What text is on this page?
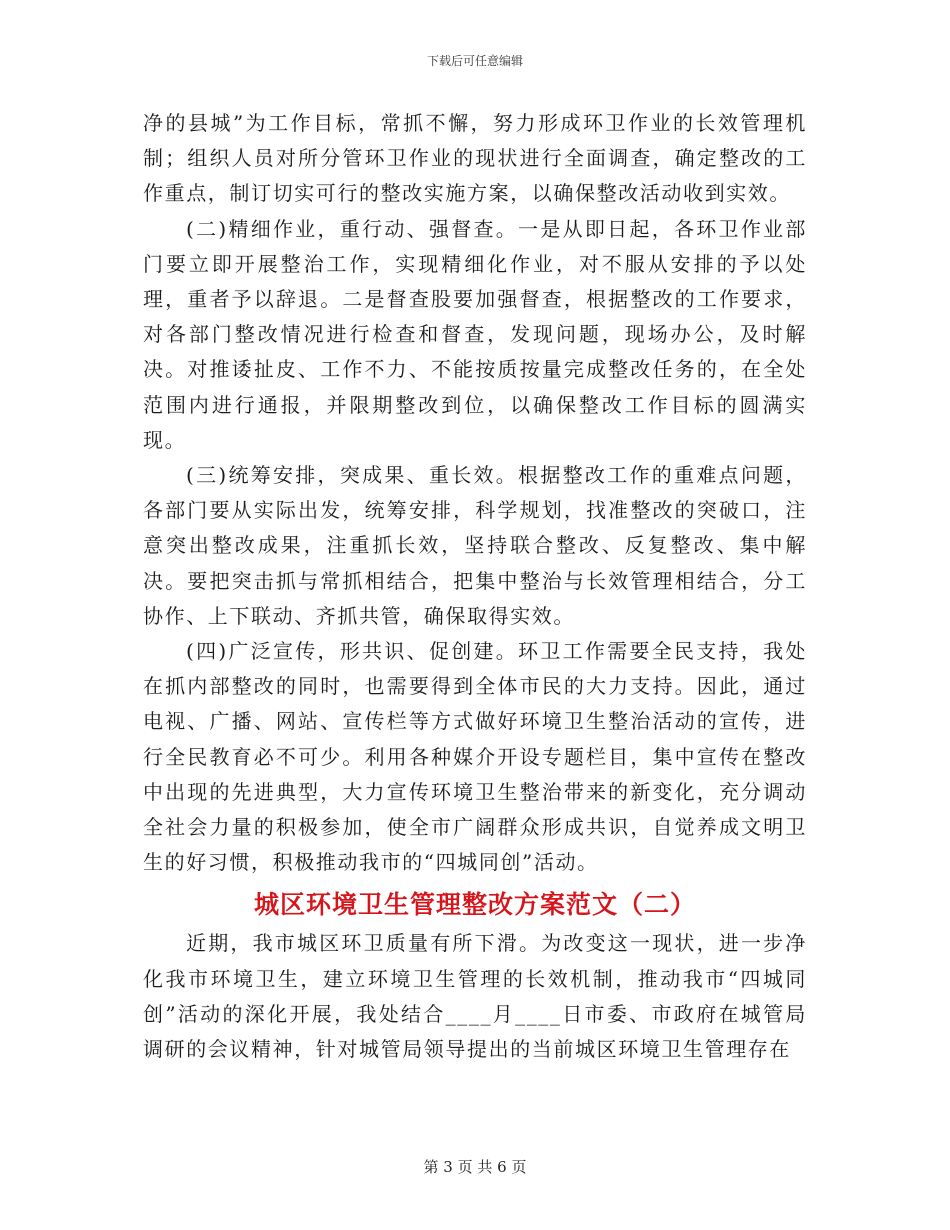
下载后可任意编辑

净的县城”为工作目标，常抓不懈，努力形成环卫作业的长效管理机制；组织人员对所分管环卫作业的现状进行全面调查，确定整改的工作重点，制订切实可行的整改实施方案，以确保整改活动收到实效。

(二)精细作业，重行动、强督查。一是从即日起，各环卫作业部门要立即开展整治工作，实现精细化作业，对不服从安排的予以处理，重者予以辞退。二是督查股要加强督查，根据整改的工作要求，对各部门整改情况进行检查和督查，发现问题，现场办公，及时解决。对推诿扯皮、工作不力、不能按质按量完成整改任务的，在全处范围内进行通报，并限期整改到位，以确保整改工作目标的圆满实现。

(三)统筹安排，突成果、重长效。根据整改工作的重难点问题，各部门要从实际出发，统筹安排，科学规划，找准整改的突破口，注意突出整改成果，注重抓长效，坚持联合整改、反复整改、集中解决。要把突击抓与常抓相结合，把集中整治与长效管理相结合，分工协作、上下联动、齐抓共管，确保取得实效。

(四)广泛宣传，形共识、促创建。环卫工作需要全民支持，我处在抓内部整改的同时，也需要得到全体市民的大力支持。因此，通过电视、广播、网站、宣传栏等方式做好环境卫生整治活动的宣传，进行全民教育必不可少。利用各种媒介开设专题栏目，集中宣传在整改中出现的先进典型，大力宣传环境卫生整治带来的新变化，充分调动全社会力量的积极参加，使全市广阔群众形成共识，自觉养成文明卫生的好习惯，积极推动我市的“四城同创”活动。

城区环境卫生管理整改方案范文（二）

近期，我市城区环卫质量有所下滑。为改变这一现状，进一步净化我市环境卫生，建立环境卫生管理的长效机制，推动我市“四城同创”活动的深化开展，我处结合____月____日市委、市政府在城管局调研的会议精神，针对城管局领导提出的当前城区环境卫生管理存在

第 3 页 共 6 页
